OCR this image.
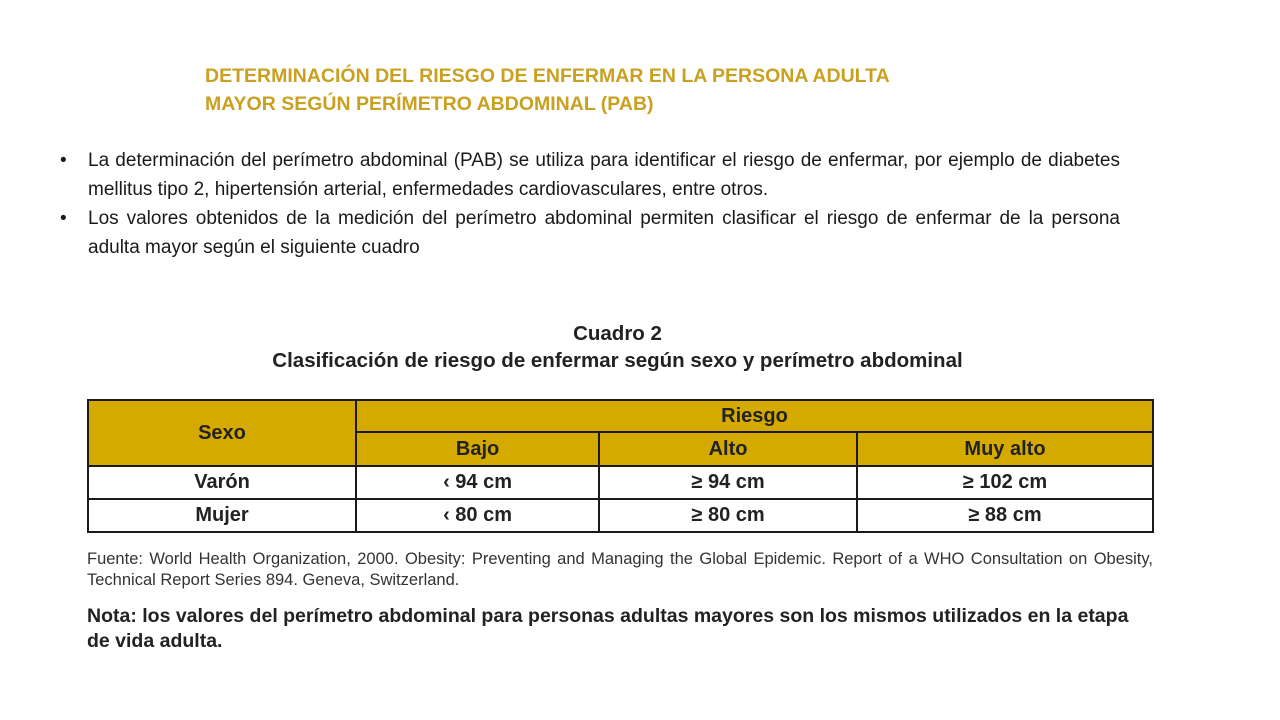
DETERMINACIÓN DEL RIESGO DE ENFERMAR EN LA PERSONA ADULTA
MAYOR SEGÚN PERÍMETRO ABDOMINAL (PAB)
• La determinación del perímetro abdominal (PAB) se utiliza para identificar el riesgo de enfermar, por ejemplo de diabetes mellitus tipo 2, hipertensión arterial, enfermedades cardiovasculares, entre otros.
• Los valores obtenidos de la medición del perímetro abdominal permiten clasificar el riesgo de enfermar de la persona adulta mayor según el siguiente cuadro
Cuadro 2
Clasificación de riesgo de enfermar según sexo y perímetro abdominal
Sexo	Riesgo		
	Bajo	Alto	Muy alto
Varón	‹ 94 cm	≥ 94 cm	≥ 102 cm
Mujer	‹ 80 cm	≥ 80 cm	≥ 88 cm

Fuente: World Health Organization, 2000. Obesity: Preventing and Managing the Global Epidemic. Report of a WHO Consultation on Obesity, Technical Report Series 894. Geneva, Switzerland.

Nota: los valores del perímetro abdominal para personas adultas mayores son los mismos utilizados en la etapa de vida adulta.
